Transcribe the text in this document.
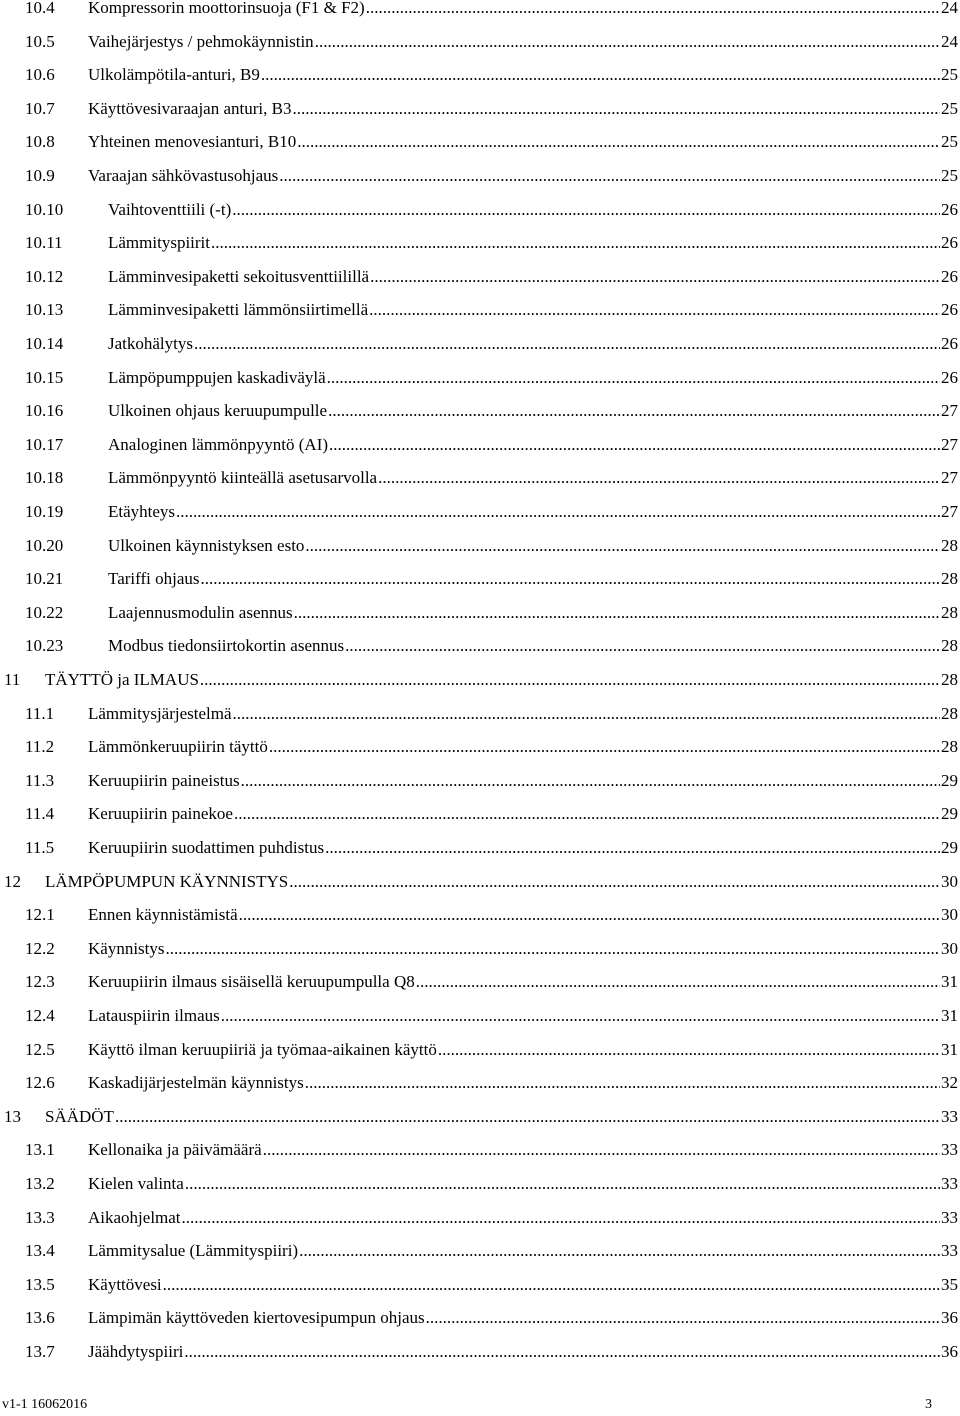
10.4 Kompressorin moottorinsuoja (F1 & F2) .....	24
10.5 Vaihejärjestys / pehmokäynnistin .....	24
10.6 Ulkolämpötila-anturi, B9 .....	25
10.7 Käyttövesivaraajan anturi, B3 .....	25
10.8 Yhteinen menovesianturi, B10 .....	25
10.9 Varaajan sähkövastusohjaus .....	25
10.10	Vaihtoventtiili (-t) .....	26
10.11	Lämmityspiirit .....	26
10.12	Lämminvesipaketti sekoitusventtiilillä .....	26
10.13	Lämminvesipaketti lämmönsiirtimellä .....	26
10.14	Jatkohälytys .....	26
10.15	Lämpöpumppujen kaskadiväylä .....	26
10.16	Ulkoinen ohjaus keruupumpulle .....	27
10.17	Analoginen lämmönpyyntö (AI) .....	27
10.18	Lämmönpyyntö kiinteällä asetusarvolla .....	27
10.19	Etäyhteys .....	27
10.20	Ulkoinen käynnistyksen esto .....	28
10.21	Tariffi ohjaus .....	28
10.22	Laajennusmodulin asennus .....	28
10.23	Modbus tiedonsiirtokortin asennus .....	28
11 TÄYTTÖ ja ILMAUS .....	28
11.1 Lämmitysjärjestelmä .....	28
11.2 Lämmönkeruupiirin täyttö .....	28
11.3 Keruupiirin paineistus .....	29
11.4 Keruupiirin painekoe .....	29
11.5 Keruupiirin suodattimen puhdistus .....	29
12 LÄMPÖPUMPUN KÄYNNISTYS .....	30
12.1 Ennen käynnistämistä .....	30
12.2 Käynnistys .....	30
12.3 Keruupiirin ilmaus sisäisellä keruupumpulla Q8 .....	31
12.4 Latauspiirin ilmaus .....	31
12.5 Käyttö ilman keruupiiriä ja työmaa-aikainen käyttö .....	31
12.6 Kaskadijärjestelmän käynnistys .....	32
13 SÄÄDÖT .....	33
13.1 Kellonaika ja päivämäärä .....	33
13.2 Kielen valinta .....	33
13.3 Aikaohjelmat .....	33
13.4 Lämmitysalue (Lämmityspiiri) .....	33
13.5 Käyttövesi .....	35
13.6 Lämpimän käyttöveden kiertovesipumpun ohjaus .....	36
13.7 Jäähdytyspiiri .....	36
v1-1 16062016	3
